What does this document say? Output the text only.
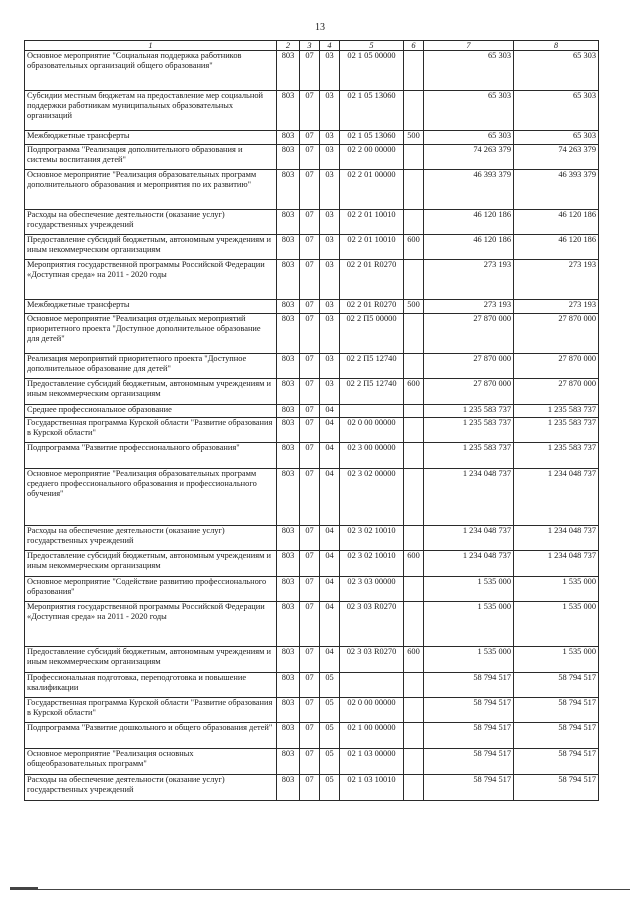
13
1	2	3	4	5	6	7	8
Основное мероприятие "Социальная поддержка работников образовательных организаций общего образования"	803	07	03	02 1 05 00000		65 303	65 303
Субсидии местным бюджетам на предоставление мер социальной поддержки работникам муниципальных образовательных организаций	803	07	03	02 1 05 13060		65 303	65 303
Межбюджетные трансферты	803	07	03	02 1 05 13060	500	65 303	65 303
Подпрограмма "Реализация дополнительного образования и системы воспитания детей"	803	07	03	02 2 00 00000		74 263 379	74 263 379
Основное мероприятие "Реализация образовательных программ дополнительного образования и мероприятия по их развитию"	803	07	03	02 2 01 00000		46 393 379	46 393 379
Расходы на обеспечение деятельности (оказание услуг) государственных учреждений	803	07	03	02 2 01 10010		46 120 186	46 120 186
Предоставление субсидий бюджетным, автономным учреждениям и иным некоммерческим организациям	803	07	03	02 2 01 10010	600	46 120 186	46 120 186
Мероприятия государственной программы Российской Федерации «Доступная среда» на 2011 - 2020 годы	803	07	03	02 2 01 R0270		273 193	273 193
Межбюджетные трансферты	803	07	03	02 2 01 R0270	500	273 193	273 193
Основное мероприятие "Реализация отдельных мероприятий приоритетного проекта "Доступное дополнительное образование для детей"	803	07	03	02 2 П5 00000		27 870 000	27 870 000
Реализация мероприятий приоритетного проекта "Доступное дополнительное образование для детей"	803	07	03	02 2 П5 12740		27 870 000	27 870 000
Предоставление субсидий бюджетным, автономным учреждениям и иным некоммерческим организациям	803	07	03	02 2 П5 12740	600	27 870 000	27 870 000
Среднее профессиональное образование	803	07	04			1 235 583 737	1 235 583 737
Государственная программа Курской области "Развитие образования в Курской области"	803	07	04	02 0 00 00000		1 235 583 737	1 235 583 737
Подпрограмма "Развитие профессионального образования"	803	07	04	02 3 00 00000		1 235 583 737	1 235 583 737
Основное мероприятие "Реализация образовательных программ среднего профессионального образования и профессионального обучения"	803	07	04	02 3 02 00000		1 234 048 737	1 234 048 737
Расходы на обеспечение деятельности (оказание услуг) государственных учреждений	803	07	04	02 3 02 10010		1 234 048 737	1 234 048 737
Предоставление субсидий бюджетным, автономным учреждениям и иным некоммерческим организациям	803	07	04	02 3 02 10010	600	1 234 048 737	1 234 048 737
Основное мероприятие "Содействие развитию профессионального образования"	803	07	04	02 3 03 00000		1 535 000	1 535 000
Мероприятия государственной программы Российской Федерации «Доступная среда» на 2011 - 2020 годы	803	07	04	02 3 03 R0270		1 535 000	1 535 000
Предоставление субсидий бюджетным, автономным учреждениям и иным некоммерческим организациям	803	07	04	02 3 03 R0270	600	1 535 000	1 535 000
Профессиональная подготовка, переподготовка и повышение квалификации	803	07	05			58 794 517	58 794 517
Государственная программа Курской области "Развитие образования в Курской области"	803	07	05	02 0 00 00000		58 794 517	58 794 517
Подпрограмма "Развитие дошкольного и общего образования детей"	803	07	05	02 1 00 00000		58 794 517	58 794 517
Основное мероприятие "Реализация основных общеобразовательных программ"	803	07	05	02 1 03 00000		58 794 517	58 794 517
Расходы на обеспечение деятельности (оказание услуг) государственных учреждений	803	07	05	02 1 03 10010		58 794 517	58 794 517
